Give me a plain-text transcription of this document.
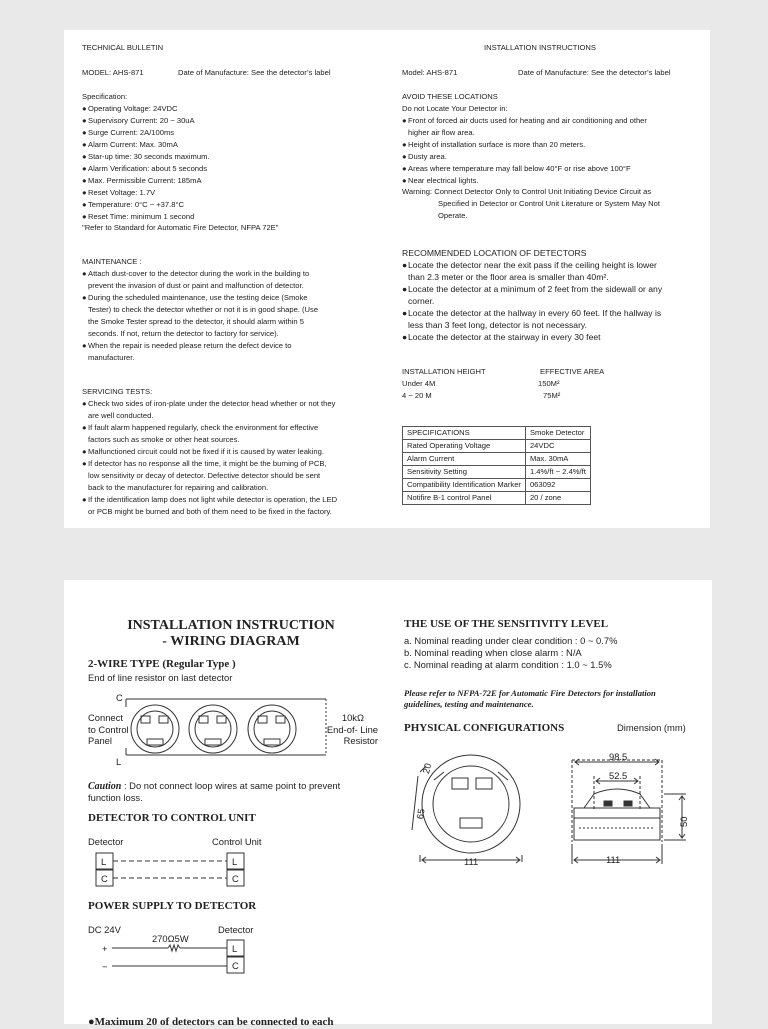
TECHNICAL BULLETIN	INSTALLATION INSTRUCTIONS
MODEL: AHS-871	Date of Manufacture: See the detector’s label	Model: AHS-871	Date of Manufacture: See the detector’s label
Specification:
● Operating Voltage: 24VDC
● Supervisory Current: 20 ~ 30uA
● Surge Current: 2A/100ms
● Alarm Current: Max. 30mA
● Star-up time: 30 seconds maximum.
● Alarm Verification: about 5 seconds
● Max. Permissible Current: 185mA
● Reset Voltage: 1.7V
● Temperature: 0°C ~ +37.8°C
● Reset Time: minimum 1 second
"Refer to Standard for Automatic Fire Detector, NFPA 72E"
MAINTENANCE :
● Attach dust-cover to the detector during the work in the building to
prevent the invasion of dust or paint and malfunction of detector.
● During the scheduled maintenance, use the testing deice (Smoke
Tester) to check the detector whether or not it is in good shape. (Use
the Smoke Tester spread to the detector, it should alarm within 5
seconds. If not, return the detector to factory for service).
● When the repair is needed please return the defect device to
manufacturer.
SERVICING TESTS:
● Check two sides of iron-plate under the detector head whether or not they
are well conducted.
● If fault alarm happened regularly, check the environment for effective
factors such as smoke or other heat sources.
● Malfunctioned circuit could not be fixed if it is caused by water leaking.
● If detector has no response all the time, it might be the burning of PCB,
low sensitivity or decay of detector. Defective detector should be sent
back to the manufacturer for repairing and calibration.
● If the identification lamp does not light while detector is operation, the LED
or PCB might be burned and both of them need to be fixed in the factory.
AVOID THESE LOCATIONS
Do not Locate Your Detector in:
● Front of forced air ducts used for heating and air conditioning and other
higher air flow area.
● Height of installation surface is more than 20 meters.
● Dusty area.
● Areas where temperature may fall below 40°F or rise above 100°F
● Near electrical lights.
Warning: Connect Detector Only to Control Unit Initiating Device Circuit as
Specified in Detector or Control Unit Literature or System May Not
Operate.
RECOMMENDED LOCATION OF DETECTORS
● Locate the detector near the exit pass if the ceiling height is lower
than 2.3 meter or the floor area is smaller than 40m².
● Locate the detector at a minimum of 2 feet from the sidewall or any
corner.
● Locate the detector at the hallway in every 60 feet. If the hallway is
less than 3 feet long, detector is not necessary.
● Locate the detector at the stairway in every 30 feet
INSTALLATION HEIGHT	EFFECTIVE AREA
Under 4M	150M²
4 ~ 20 M	75M²
SPECIFICATIONS	Smoke Detector
Rated Operating Voltage	24VDC
Alarm Current	Max. 30mA
Sensitivity Setting	1.4%/ft ~ 2.4%/ft
Compatibility Identification Marker	063092
Notifire B-1 control Panel	20 / zone
INSTALLATION INSTRUCTION
- WIRING DIAGRAM
2-WIRE TYPE (Regular Type )
End of line resistor on last detector
C
L
Connect
to Control
Panel
10kΩ
End-of- Line
Resistor
Caution : Do not connect loop wires at same point to prevent
function loss.
DETECTOR TO CONTROL UNIT
Detector	Control Unit
L
C
L
C
POWER SUPPLY TO DETECTOR
DC 24V	Detector
270Ω5W
+
−
L
C
●Maximum 20 of detectors can be connected to each
THE USE OF THE SENSITIVITY LEVEL
a. Nominal reading under clear condition : 0 ~ 0.7%
b. Nominal reading when close alarm : N/A
c. Nominal reading at alarm condition : 1.0 ~ 1.5%
Please refer to NFPA-72E for Automatic Fire Detectors for installation
guidelines, testing and maintenance.
PHYSICAL CONFIGURATIONS	Dimension (mm)
20
65
111
98.5
52.5
50
111
